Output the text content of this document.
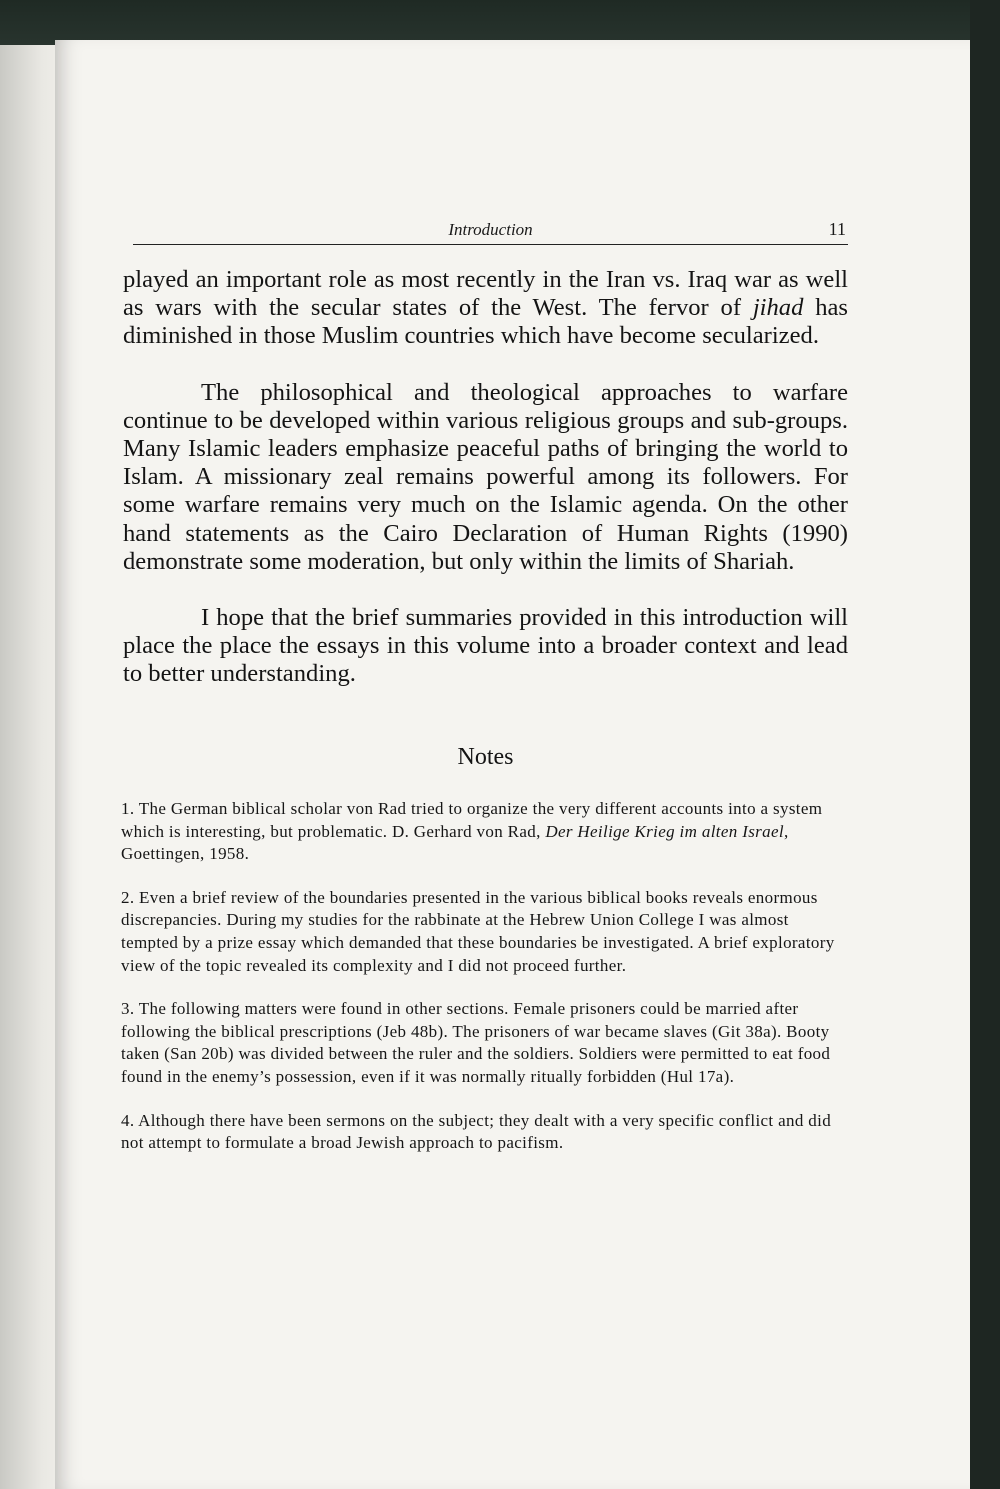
Introduction	11

played an important role as most recently in the Iran vs. Iraq war as well as wars with the secular states of the West. The fervor of jihad has diminished in those Muslim countries which have become secularized.

The philosophical and theological approaches to warfare continue to be developed within various religious groups and sub-groups. Many Islamic leaders emphasize peaceful paths of bringing the world to Islam. A missionary zeal remains powerful among its followers. For some warfare remains very much on the Islamic agenda. On the other hand statements as the Cairo Declaration of Human Rights (1990) demonstrate some moderation, but only within the limits of Shariah.

I hope that the brief summaries provided in this introduction will place the place the essays in this volume into a broader context and lead to better understanding.

Notes

1. The German biblical scholar von Rad tried to organize the very different accounts into a system which is interesting, but problematic. D. Gerhard von Rad, Der Heilige Krieg im alten Israel, Goettingen, 1958.

2. Even a brief review of the boundaries presented in the various biblical books reveals enormous discrepancies. During my studies for the rabbinate at the Hebrew Union College I was almost tempted by a prize essay which demanded that these boundaries be investigated. A brief exploratory view of the topic revealed its complexity and I did not proceed further.

3. The following matters were found in other sections. Female prisoners could be married after following the biblical prescriptions (Jeb 48b). The prisoners of war became slaves (Git 38a). Booty taken (San 20b) was divided between the ruler and the soldiers. Soldiers were permitted to eat food found in the enemy’s possession, even if it was normally ritually forbidden (Hul 17a).

4. Although there have been sermons on the subject; they dealt with a very specific conflict and did not attempt to formulate a broad Jewish approach to pacifism.
